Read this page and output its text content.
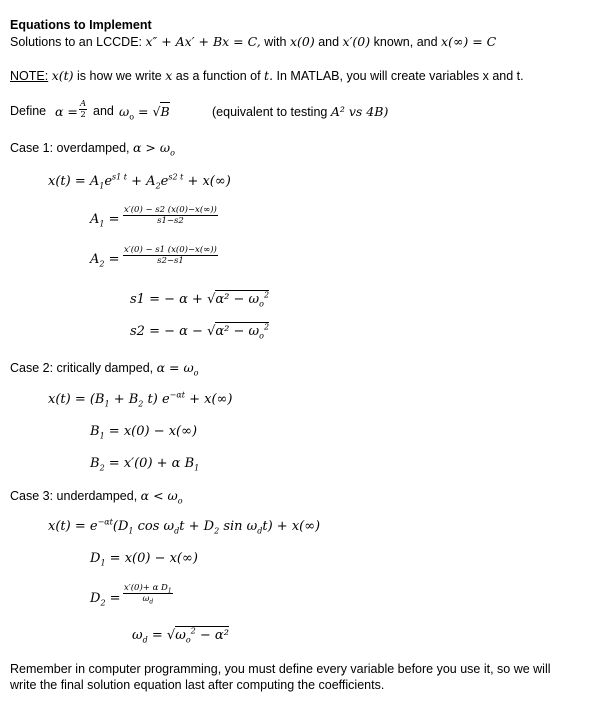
Equations to Implement
Solutions to an LCCDE: x″ + Ax′ + Bx = C, with x(0) and x′(0) known, and x(∞) = C
NOTE: x(t) is how we write x as a function of t. In MATLAB, you will create variables x and t.
Define $\alpha = \frac{A}{2}$ and $\omega_o = √B$	(equivalent to testing A² vs 4B)
Case 1: overdamped, $\alpha > \omega_o$
$x(t) = A_1e^{s1 t} + A_2e^{s2 t} + x(\infty)$
$A_1 = \frac{x'(0) - s2 (x(0)-x(\infty))}{s1-s2}$
$A_2 = \frac{x'(0) - s1 (x(0)-x(\infty))}{s2-s1}$
s1 = − $\alpha + √\alpha^2 - \omega_o^2$
s2 = − $\alpha - √\alpha^2 - \omega_o^2$
Case 2: critically damped, $\alpha = \omega_o$
$x(t) = (B_1 + B_2$ t) $e^{-\alpha t} + x(\infty)$
$B_1 = x(0) - x(\infty)$
$B_2 = x'(0) + \alpha$ $B_1$
Case 3: underdamped, $\alpha < \omega_o$
$x(t) = e^{-\alpha t}(D_1$ $\cos \omega_dt + D_2$ $\sin \omega_dt) + x(\infty)$
$D_1 = x(0) - x(\infty)$
$D_2 = \frac{x'(0)+ \alpha D_1}{\omega_d}$
$\omega_d = √\omega_o^2 - \alpha^2$
Remember in computer programming, you must define every variable before you use it, so we will
write the final solution equation last after computing the coefficients.
